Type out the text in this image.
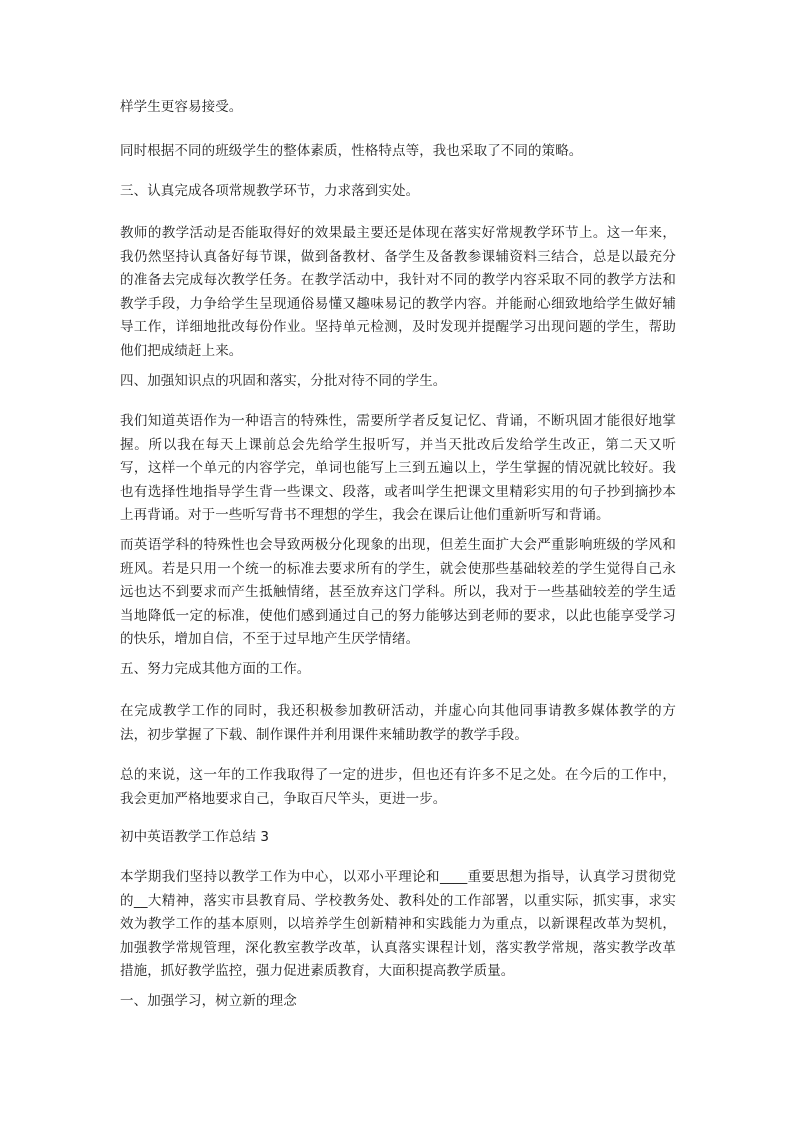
样学生更容易接受。

同时根据不同的班级学生的整体素质，性格特点等，我也采取了不同的策略。

三、认真完成各项常规教学环节，力求落到实处。

教师的教学活动是否能取得好的效果最主要还是体现在落实好常规教学环节上。这一年来，我仍然坚持认真备好每节课，做到备教材、备学生及备教参课辅资料三结合，总是以最充分的准备去完成每次教学任务。在教学活动中，我针对不同的教学内容采取不同的教学方法和教学手段，力争给学生呈现通俗易懂又趣味易记的教学内容。并能耐心细致地给学生做好辅导工作，详细地批改每份作业。坚持单元检测，及时发现并提醒学习出现问题的学生，帮助他们把成绩赶上来。

四、加强知识点的巩固和落实，分批对待不同的学生。

我们知道英语作为一种语言的特殊性，需要所学者反复记忆、背诵，不断巩固才能很好地掌握。所以我在每天上课前总会先给学生报听写，并当天批改后发给学生改正，第二天又听写，这样一个单元的内容学完，单词也能写上三到五遍以上，学生掌握的情况就比较好。我也有选择性地指导学生背一些课文、段落，或者叫学生把课文里精彩实用的句子抄到摘抄本上再背诵。对于一些听写背书不理想的学生，我会在课后让他们重新听写和背诵。

而英语学科的特殊性也会导致两极分化现象的出现，但差生面扩大会严重影响班级的学风和班风。若是只用一个统一的标准去要求所有的学生，就会使那些基础较差的学生觉得自己永远也达不到要求而产生抵触情绪，甚至放弃这门学科。所以，我对于一些基础较差的学生适当地降低一定的标准，使他们感到通过自己的努力能够达到老师的要求，以此也能享受学习的快乐，增加自信，不至于过早地产生厌学情绪。

五、努力完成其他方面的工作。

在完成教学工作的同时，我还积极参加教研活动，并虚心向其他同事请教多媒体教学的方法，初步掌握了下载、制作课件并利用课件来辅助教学的教学手段。

总的来说，这一年的工作我取得了一定的进步，但也还有许多不足之处。在今后的工作中，我会更加严格地要求自己，争取百尺竿头，更进一步。

初中英语教学工作总结 3

本学期我们坚持以教学工作为中心，以邓小平理论和____重要思想为指导，认真学习贯彻党的__大精神，落实市县教育局、学校教务处、教科处的工作部署，以重实际，抓实事，求实效为教学工作的基本原则，以培养学生创新精神和实践能力为重点，以新课程改革为契机，加强教学常规管理，深化教室教学改革，认真落实课程计划，落实教学常规，落实教学改革措施，抓好教学监控，强力促进素质教育，大面积提高教学质量。

一、加强学习，树立新的理念
